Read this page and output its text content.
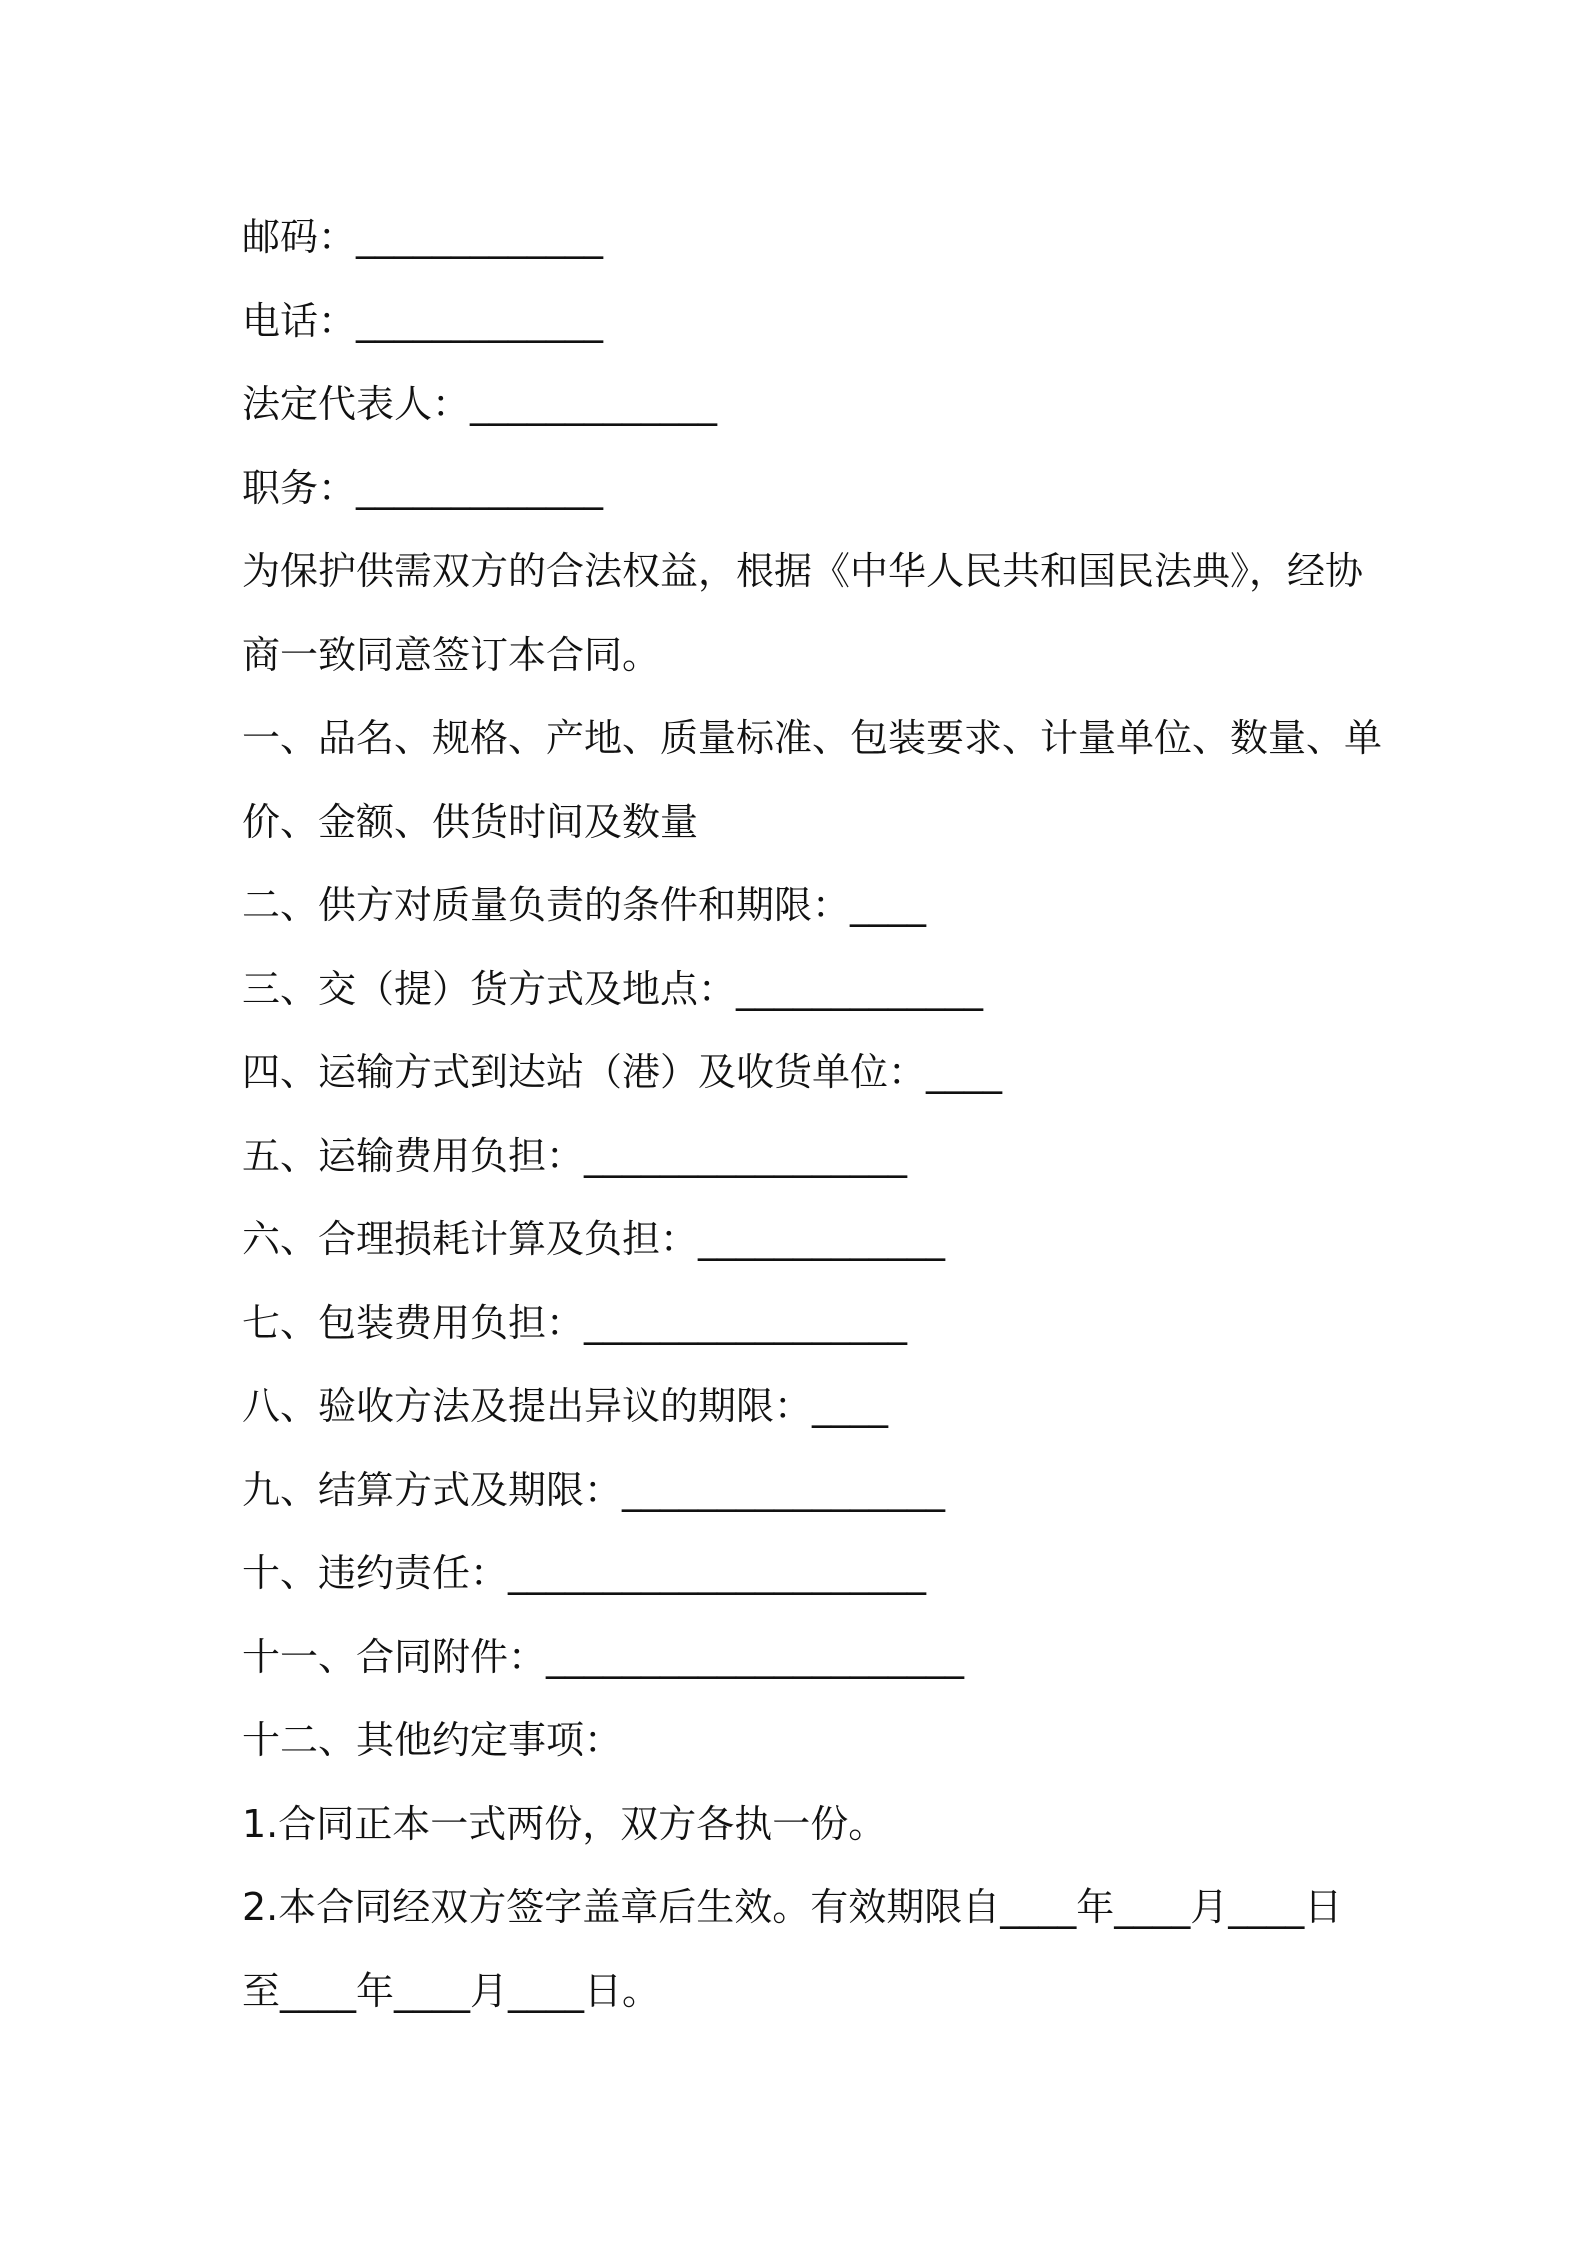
邮码：_____________
电话：_____________
法定代表人：_____________
职务：_____________
为保护供需双方的合法权益，根据《中华人民共和国民法典》，经协
商一致同意签订本合同。
一、品名、规格、产地、质量标准、包装要求、计量单位、数量、单
价、金额、供货时间及数量
二、供方对质量负责的条件和期限：____
三、交（提）货方式及地点：_____________
四、运输方式到达站（港）及收货单位：____
五、运输费用负担：_________________
六、合理损耗计算及负担：_____________
七、包装费用负担：_________________
八、验收方法及提出异议的期限：____
九、结算方式及期限：_________________
十、违约责任：______________________
十一、合同附件：______________________
十二、其他约定事项：
1.合同正本一式两份，双方各执一份。
2.本合同经双方签字盖章后生效。有效期限自____年____月____日
至____年____月____日。
